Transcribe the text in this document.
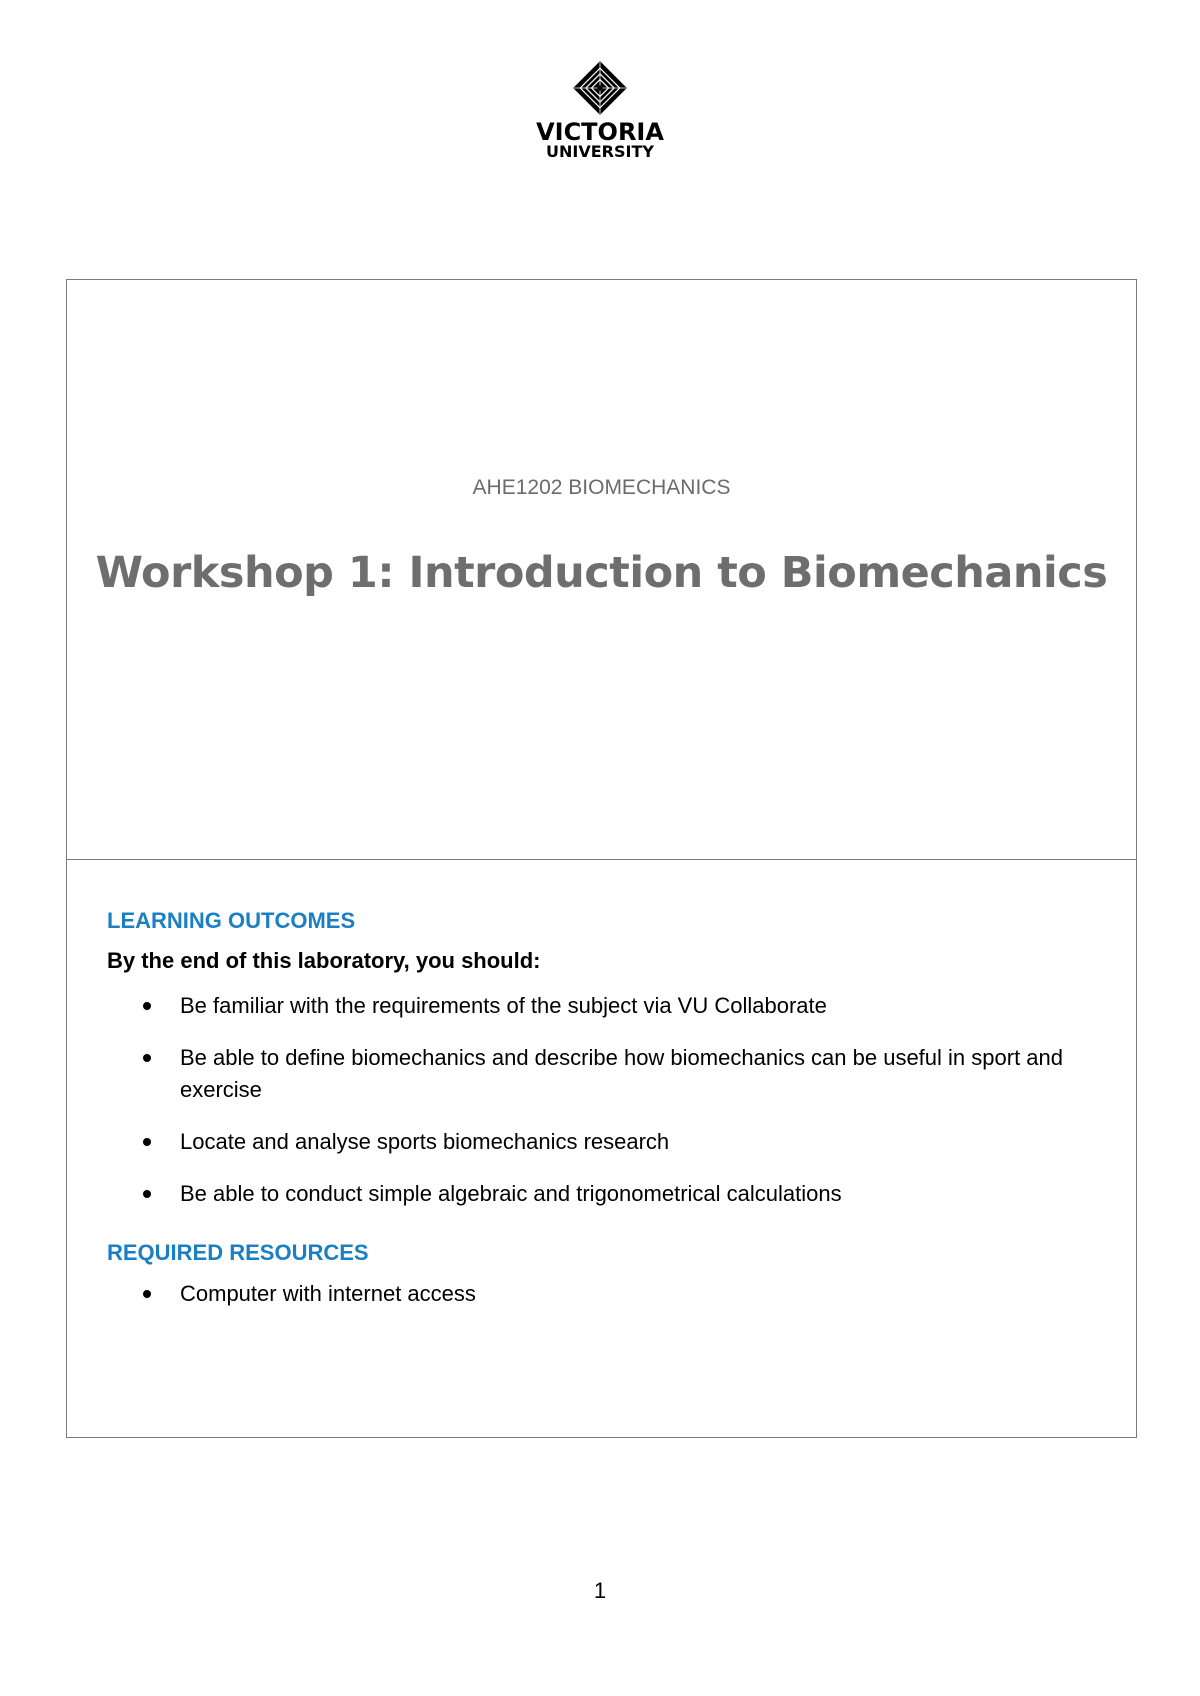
VICTORIA
UNIVERSITY
AHE1202 BIOMECHANICS
Workshop 1: Introduction to Biomechanics
LEARNING OUTCOMES

By the end of this laboratory, you should:

Be familiar with the requirements of the subject via VU Collaborate
Be able to define biomechanics and describe how biomechanics can be useful in sport and exercise
Locate and analyse sports biomechanics research
Be able to conduct simple algebraic and trigonometrical calculations
REQUIRED RESOURCES
Computer with internet access
1
